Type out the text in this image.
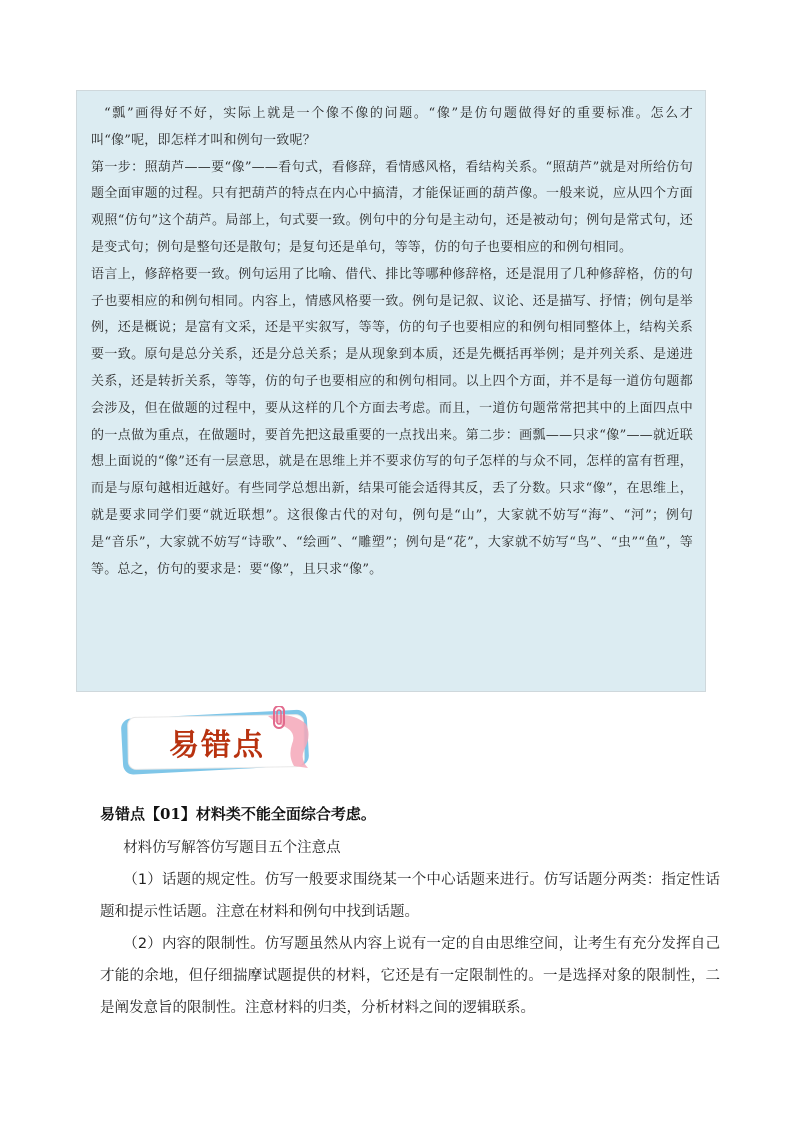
“瓢”画得好不好，实际上就是一个像不像的问题。“像”是仿句题做得好的重要标准。怎么才叫“像”呢，即怎样才叫和例句一致呢？

第一步：照葫芦——要“像”——看句式，看修辞，看情感风格，看结构关系。“照葫芦”就是对所给仿句题全面审题的过程。只有把葫芦的特点在内心中搞清，才能保证画的葫芦像。一般来说，应从四个方面观照“仿句”这个葫芦。局部上，句式要一致。例句中的分句是主动句，还是被动句；例句是常式句，还是变式句；例句是整句还是散句；是复句还是单句，等等，仿的句子也要相应的和例句相同。

语言上，修辞格要一致。例句运用了比喻、借代、排比等哪种修辞格，还是混用了几种修辞格，仿的句子也要相应的和例句相同。内容上，情感风格要一致。例句是记叙、议论、还是描写、抒情；例句是举例，还是概说；是富有文采，还是平实叙写，等等，仿的句子也要相应的和例句相同整体上，结构关系要一致。原句是总分关系，还是分总关系；是从现象到本质，还是先概括再举例；是并列关系、是递进关系，还是转折关系，等等，仿的句子也要相应的和例句相同。以上四个方面，并不是每一道仿句题都会涉及，但在做题的过程中，要从这样的几个方面去考虑。而且，一道仿句题常常把其中的上面四点中的一点做为重点，在做题时，要首先把这最重要的一点找出来。第二步：画瓢——只求“像”——就近联想上面说的“像”还有一层意思，就是在思维上并不要求仿写的句子怎样的与众不同，怎样的富有哲理，而是与原句越相近越好。有些同学总想出新，结果可能会适得其反，丢了分数。只求“像”，在思维上，就是要求同学们要“就近联想”。这很像古代的对句，例句是“山”，大家就不妨写“海”、“河”；例句是“音乐”，大家就不妨写“诗歌”、“绘画”、“雕塑”；例句是“花”，大家就不妨写“鸟”、“虫”“鱼”，等等。总之，仿句的要求是：要“像”，且只求“像”。

易错点

易错点【01】材料类不能全面综合考虑。

材料仿写解答仿写题目五个注意点

（1）话题的规定性。仿写一般要求围绕某一个中心话题来进行。仿写话题分两类：指定性话题和提示性话题。注意在材料和例句中找到话题。

（2）内容的限制性。仿写题虽然从内容上说有一定的自由思维空间，让考生有充分发挥自己才能的余地，但仔细揣摩试题提供的材料，它还是有一定限制性的。一是选择对象的限制性，二是阐发意旨的限制性。注意材料的归类，分析材料之间的逻辑联系。
